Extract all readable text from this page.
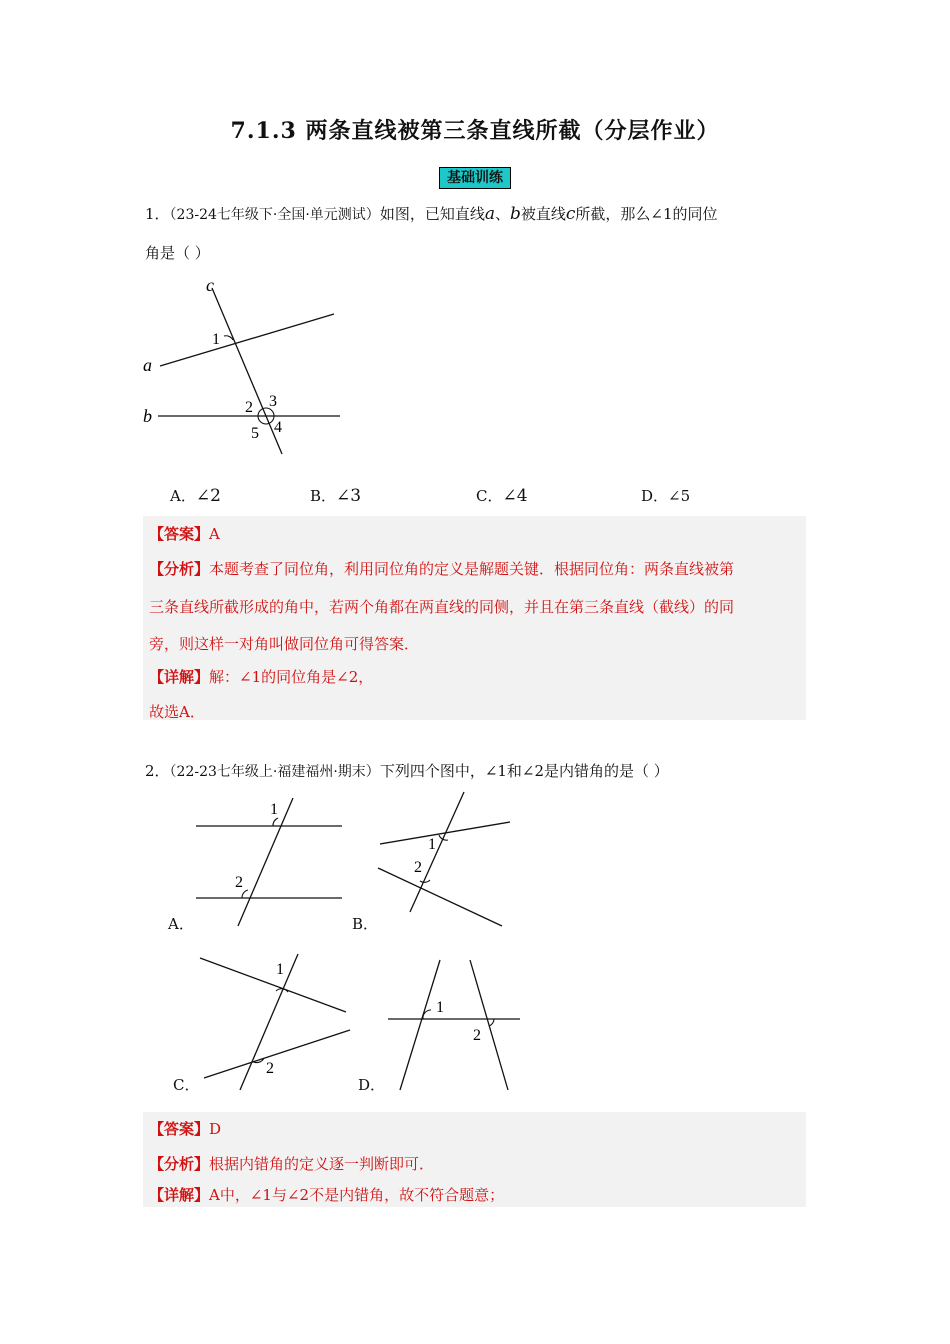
7.1.3 两条直线被第三条直线所截（分层作业）
基础训练
1．（23-24七年级下·全国·单元测试）如图，已知直线a、b被直线c所截，那么∠1的同位
角是（ ）
c
a
b
1
2 3
4
5
A．∠2	B．∠3	C．∠4	D．∠5
【答案】A
【分析】本题考查了同位角，利用同位角的定义是解题关键．根据同位角：两条直线被第
三条直线所截形成的角中，若两个角都在两直线的同侧，并且在第三条直线（截线）的同
旁，则这样一对角叫做同位角可得答案．
【详解】解：∠1的同位角是∠2，
故选A．
2．（22-23七年级上·福建福州·期末）下列四个图中，∠1和∠2是内错角的是（ ）
1
2
A．
1
2
B．
1
2
C．
1
2
D．
【答案】D
【分析】根据内错角的定义逐一判断即可．
【详解】A中，∠1与∠2不是内错角，故不符合题意；
